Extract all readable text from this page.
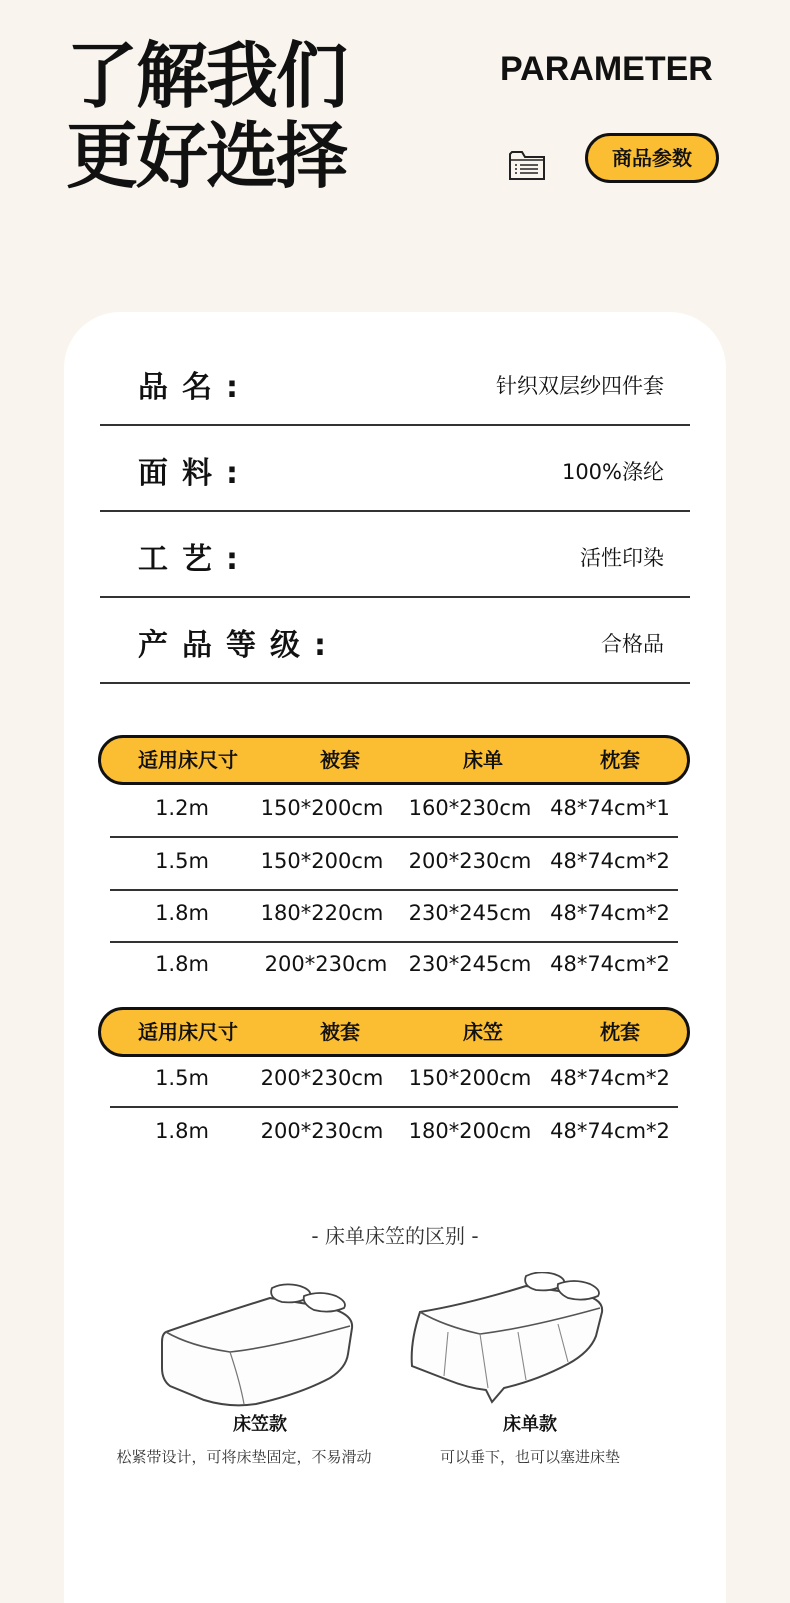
了解我们
更好选择
PARAMETER
商品参数
品名:	针织双层纱四件套
面料:	100%涤纶
工艺:	活性印染
产品等级:	合格品
适用床尺寸	被套	床单	枕套
1.2m	150*200cm	160*230cm 48*74cm*1
1.5m	150*200cm	200*230cm 48*74cm*2
1.8m	180*220cm	230*245cm 48*74cm*2
1.8m	200*230cm	230*245cm 48*74cm*2
适用床尺寸	被套	床笠	枕套
1.5m	200*230cm	150*200cm 48*74cm*2
1.8m	200*230cm	180*200cm 48*74cm*2
- 床单床笠的区别 -
床笠款
松紧带设计，可将床垫固定，不易滑动
床单款
可以垂下，也可以塞进床垫
